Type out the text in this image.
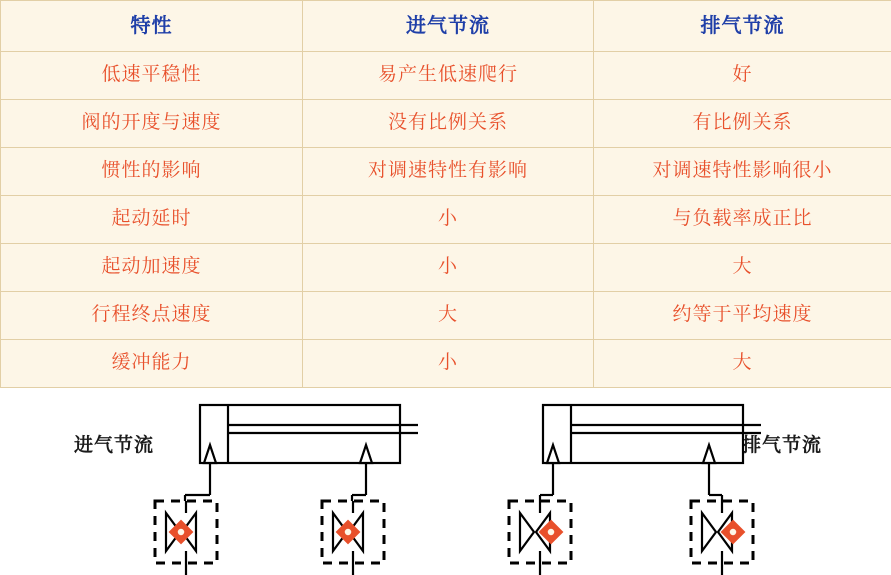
特性	进气节流	排气节流
低速平稳性	易产生低速爬行	好
阀的开度与速度	没有比例关系	有比例关系
惯性的影响	对调速特性有影响	对调速特性影响很小
起动延时	小	与负载率成正比
起动加速度	小	大
行程终点速度	大	约等于平均速度
缓冲能力	小	大
进气节流	排气节流
